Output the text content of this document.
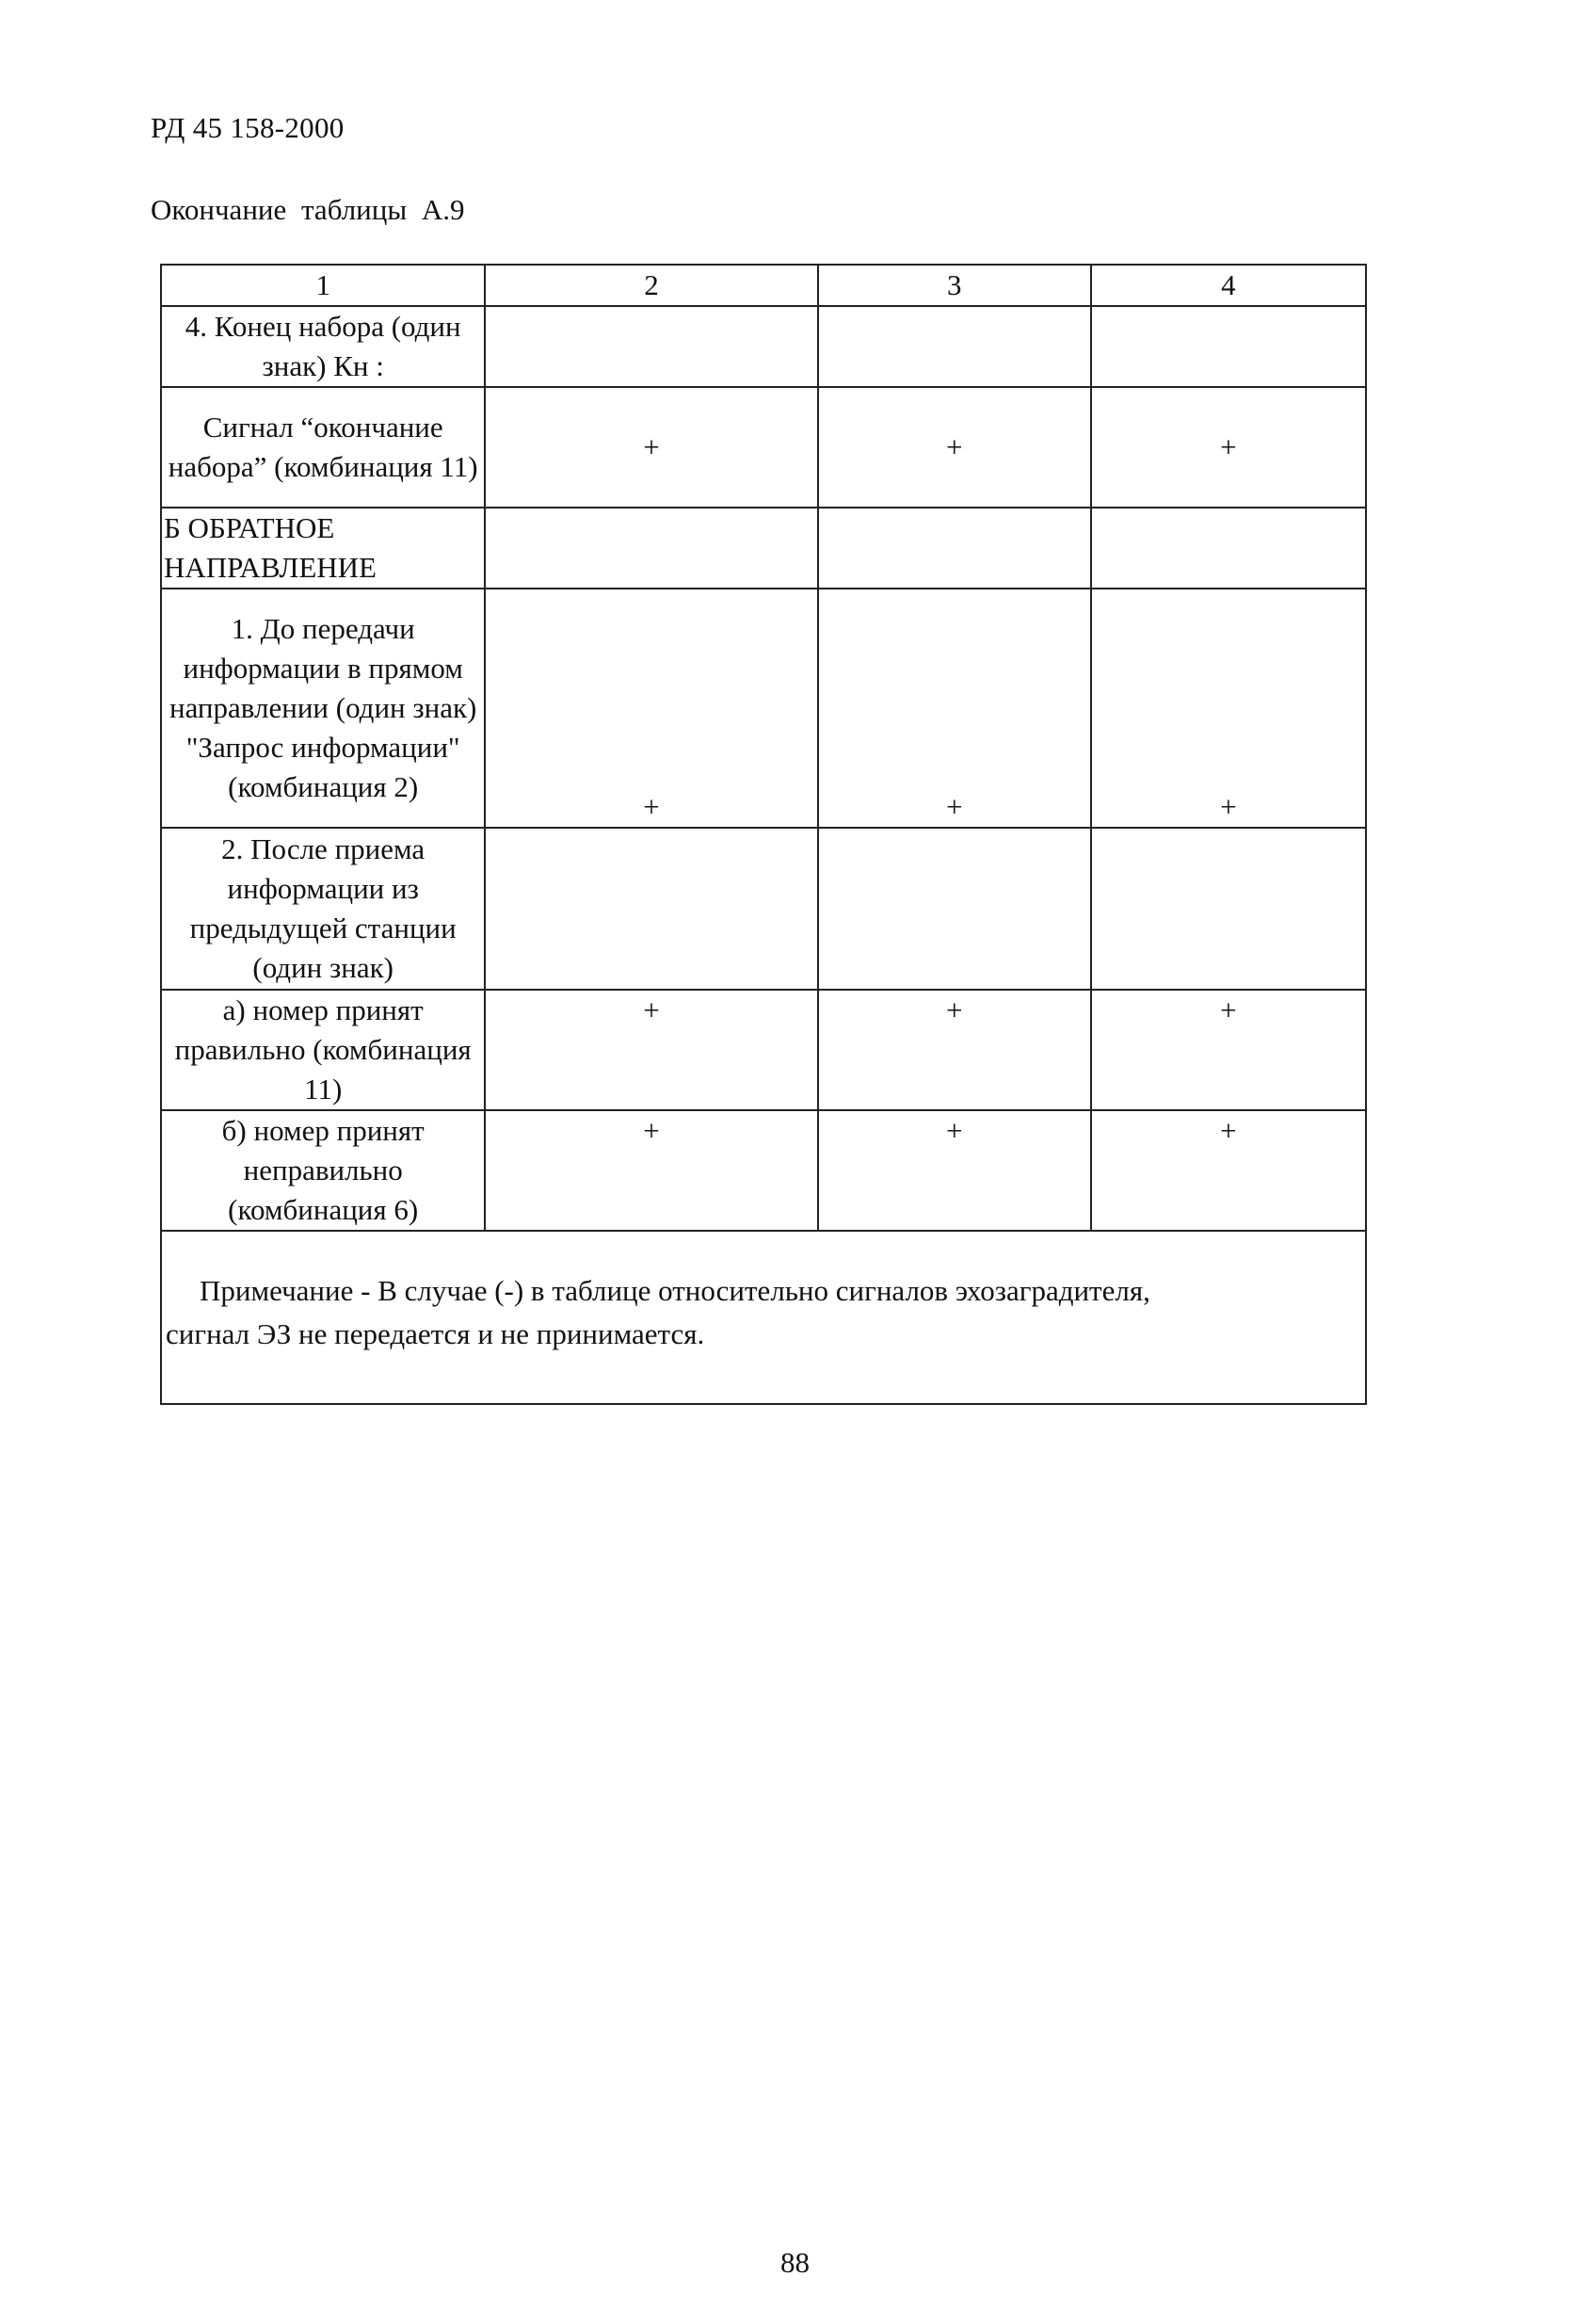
РД 45 158-2000
Окончание таблицы А.9
1	2	3	4
4. Конец набора (один знак) Кн :			
Сигнал “окончание набора” (комбинация 11)	+	+	+
Б ОБРАТНОЕ НАПРАВЛЕНИЕ			
1. До передачи информации в прямом направлении (один знак) "Запрос информации" (комбинация 2)	+	+	+
2. После приема информации из предыдущей станции (один знак)			
а) номер принят правильно (комбинация 11)	+	+	+
б) номер принят неправильно (комбинация 6)	+	+	+
Примечание - В случае (-) в таблице относительно сигналов эхозаградителя,
сигнал ЭЗ не передается и не принимается.			
88
